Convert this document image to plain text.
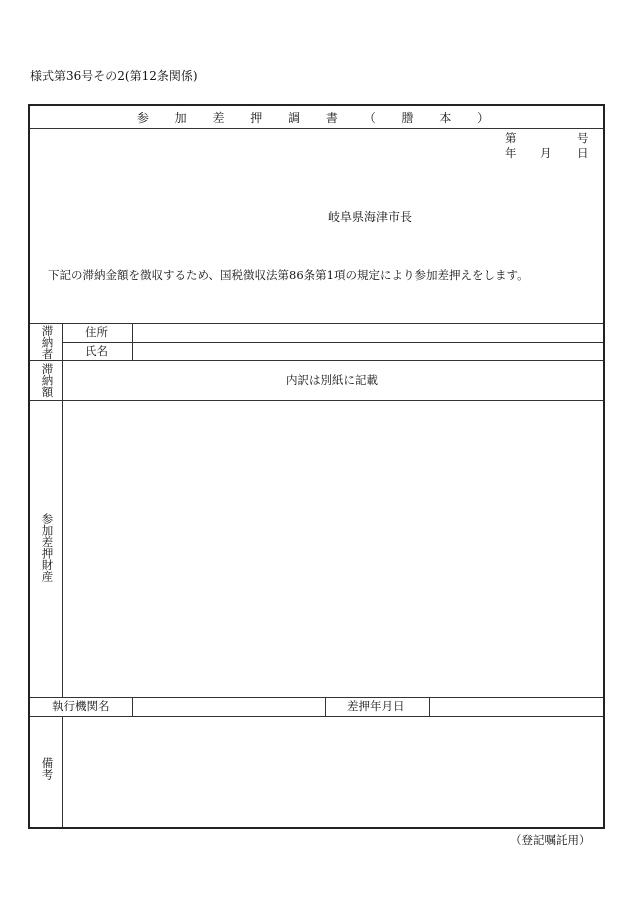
様式第36号その2(第12条関係)
参 加 差 押 調 書 （ 謄 本 ）
第	号
年 月 日
岐阜県海津市長
下記の滞納金額を徴収するため、国税徴収法第86条第1項の規定により参加差押えをします。
滞納者	住所
氏名
滞納額	内訳は別紙に記載
参加差押財産
執行機関名	差押年月日
備考
（登記嘱託用）
